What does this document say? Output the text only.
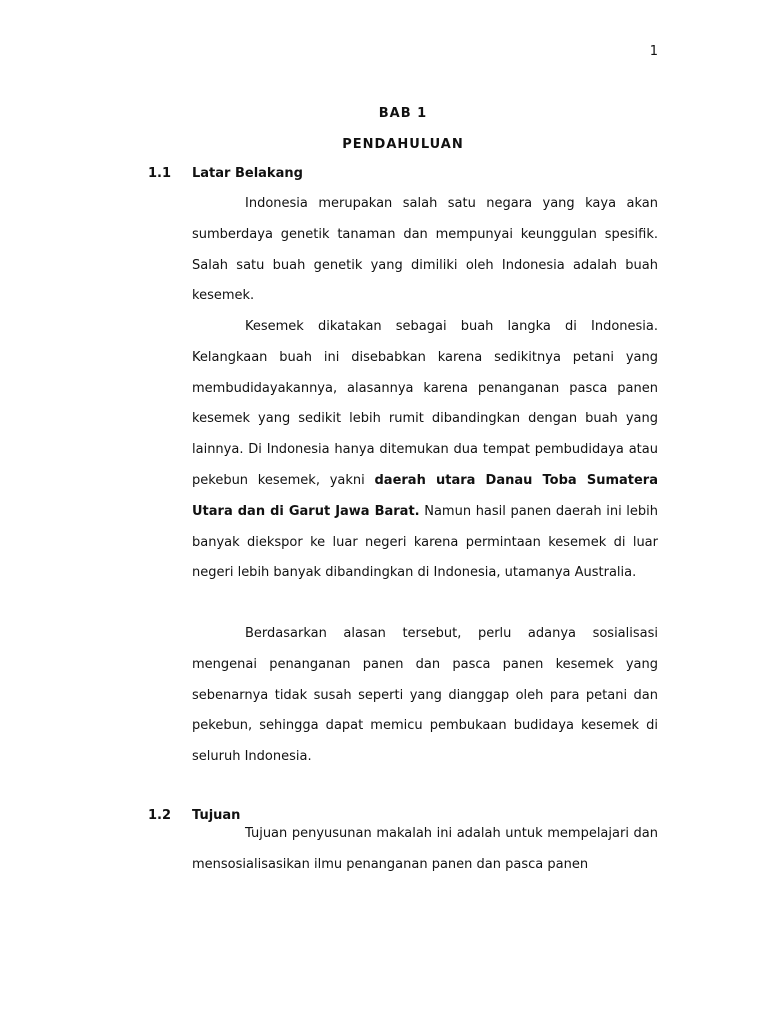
1
BAB 1
PENDAHULUAN
1.1 Latar Belakang

Indonesia merupakan salah satu negara yang kaya akan sumberdaya genetik tanaman dan mempunyai keunggulan spesifik. Salah satu buah genetik yang dimiliki oleh Indonesia adalah buah kesemek.

Kesemek dikatakan sebagai buah langka di Indonesia. Kelangkaan buah ini disebabkan karena sedikitnya petani yang membudidayakannya, alasannya karena penanganan pasca panen kesemek yang sedikit lebih rumit dibandingkan dengan buah yang lainnya. Di Indonesia hanya ditemukan dua tempat pembudidaya atau pekebun kesemek, yakni daerah utara Danau Toba Sumatera Utara dan di Garut Jawa Barat. Namun hasil panen daerah ini lebih banyak diekspor ke luar negeri karena permintaan kesemek di luar negeri lebih banyak dibandingkan di Indonesia, utamanya Australia.

Berdasarkan alasan tersebut, perlu adanya sosialisasi mengenai penanganan panen dan pasca panen kesemek yang sebenarnya tidak susah seperti yang dianggap oleh para petani dan pekebun, sehingga dapat memicu pembukaan budidaya kesemek di seluruh Indonesia.

1.2 Tujuan

Tujuan penyusunan makalah ini adalah untuk mempelajari dan mensosialisasikan ilmu penanganan panen dan pasca panen
